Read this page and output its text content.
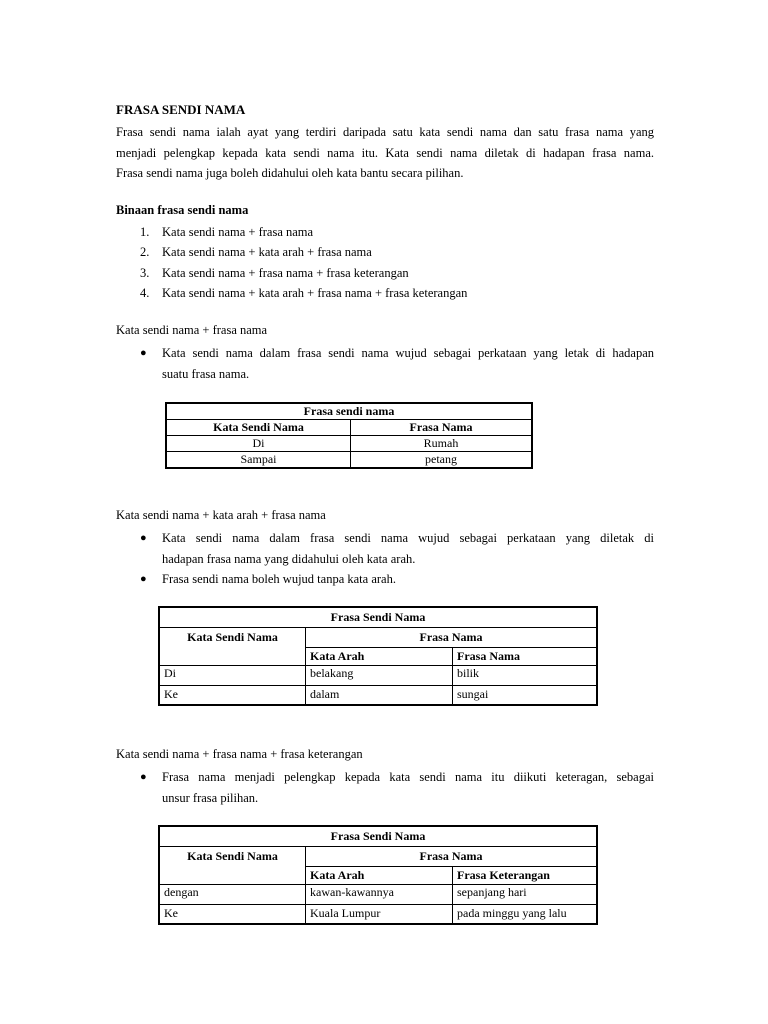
FRASA SENDI NAMA
Frasa sendi nama ialah ayat yang terdiri daripada satu kata sendi nama dan satu frasa nama yang
menjadi pelengkap kepada kata sendi nama itu. Kata sendi nama diletak di hadapan frasa nama.
Frasa sendi nama juga boleh didahului oleh kata bantu secara pilihan.
Binaan frasa sendi nama
1. Kata sendi nama + frasa nama
2. Kata sendi nama + kata arah + frasa nama
3. Kata sendi nama + frasa nama + frasa keterangan
4. Kata sendi nama + kata arah + frasa nama + frasa keterangan
Kata sendi nama + frasa nama
● Kata sendi nama dalam frasa sendi nama wujud sebagai perkataan yang letak di hadapan
suatu frasa nama.
Frasa sendi nama	
Kata Sendi Nama	Frasa Nama
Di	Rumah
Sampai	petang
Kata sendi nama + kata arah + frasa nama
● Kata sendi nama dalam frasa sendi nama wujud sebagai perkataan yang diletak di
hadapan frasa nama yang didahului oleh kata arah.
● Frasa sendi nama boleh wujud tanpa kata arah.
Frasa Sendi Nama		
Kata Sendi Nama	Frasa Nama	
	Kata Arah	Frasa Nama
Di	belakang	bilik
Ke	dalam	sungai
Kata sendi nama + frasa nama + frasa keterangan
● Frasa nama menjadi pelengkap kepada kata sendi nama itu diikuti keteragan, sebagai
unsur frasa pilihan.
Frasa Sendi Nama		
Kata Sendi Nama	Frasa Nama	
	Kata Arah	Frasa Keterangan
dengan	kawan-kawannya	sepanjang hari
Ke	Kuala Lumpur	pada minggu yang lalu
